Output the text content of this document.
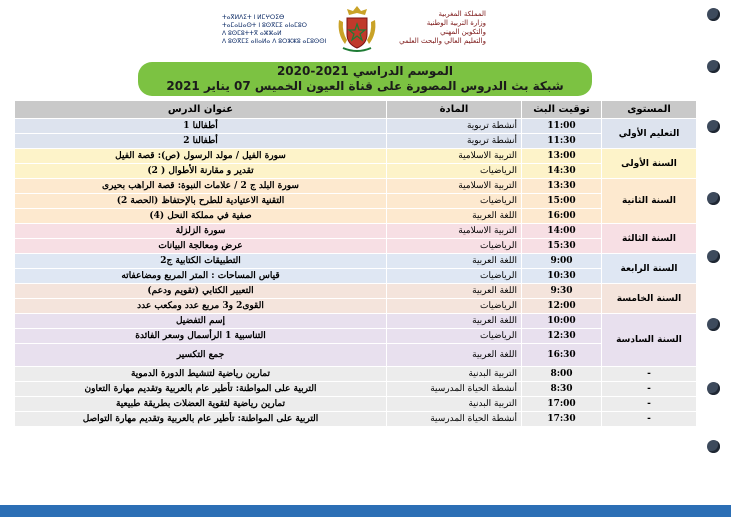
ⵜⴰⴳⵍⴷⵉⵜ ⵏ ⵍⵎⵖⵔⵉⴱ
ⵜⴰⵎⴰⵡⴰⵙⵜ ⵏ ⵓⵙⴳⵎⵉ ⴰⵏⴰⵎⵓⵔ
ⴷ ⵓⵙⵎⵓⵜⵜⴳ ⴰⵣⵣⴰⵍ
ⴷ ⵓⵙⴳⵎⵉ ⴰⵏⵏⴰⵍⴰ ⴷ ⵓⵔⵣⵣⵓ ⴰⵎⵓⵙⵙⵏ
المملكة المغربية
وزارة التربية الوطنية
والتكوين المهني
والتعليم العالي والبحث العلمي
الموسم الدراسي 2021-2020
شبكة بث الدروس المصورة على قناة العيون الخميس 07 يناير 2021
المستوى	توقيت البث	المادة	عنوان الدرس
التعليم الأولي	11:00	أنشطة تربوية	أطفالنا 1
	11:30	أنشطة تربوية	أطفالنا 2
السنة الأولى	13:00	التربية الاسلامية	سورة الفيل / مولد الرسول (ص): قصة الفيل
	14:30	الرياضيات	تقدير و مقارنة الأطوال ( 2)
السنة الثانية	13:30	التربية الاسلامية	سورة البلد ج 2 / علامات النبوة: قصة الراهب بحيرى
	15:00	الرياضيات	التقنية الاعتيادية للطرح بالإحتفاظ (الحصة 2)
	16:00	اللغة العربية	صفية في مملكة النحل (4)
السنة الثالثة	14:00	التربية الاسلامية	سورة الزلزلة
	15:30	الرياضيات	عرض ومعالجة البيانات
السنة الرابعة	9:00	اللغة العربية	التطبيقات الكتابية ج2
	10:30	الرياضيات	قياس المساحات : المتر المربع ومضاعفاته
السنة الخامسة	9:30	اللغة العربية	التعبير الكتابي (تقويم ودعم)
	12:00	الرياضيات	القوى2 و3 مربع عدد ومكعب عدد
السنة السادسة	10:00	اللغة العربية	إسم التفضيل
	12:30	الرياضيات	التناسبية 1 الرأسمال وسعر الفائدة
	16:30	اللغة العربية	جمع التكسير
-	8:00	التربية البدنية	تمارين رياضية لتنشيط الدورة الدموية
-	8:30	أنشطة الحياة المدرسية	التربية على المواطنة: تأطير عام بالعربية وتقديم مهارة التعاون
-	17:00	التربية البدنية	تمارين رياضية لتقوية العضلات بطريقة طبيعية
-	17:30	أنشطة الحياة المدرسية	التربية على المواطنة: تأطير عام بالعربية وتقديم مهارة التواصل
